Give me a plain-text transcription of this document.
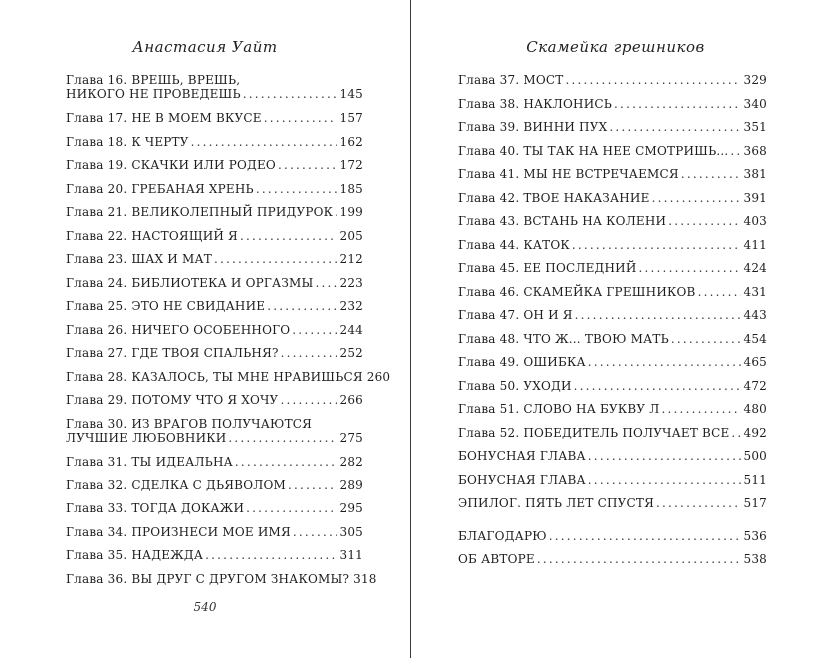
Анастасия Уайт
Глава 16. ВРЕШЬ, ВРЕШЬ,
НИКОГО НЕ ПРОВЕДЕШЬ .....	145
Глава 17. НЕ В МОЕМ ВКУСЕ .....	157
Глава 18. К ЧЕРТУ .....	162
Глава 19. СКАЧКИ ИЛИ РОДЕО .....	172
Глава 20. ГРЕБАНАЯ ХРЕНЬ .....	185
Глава 21. ВЕЛИКОЛЕПНЫЙ ПРИДУРОК ..... 199
Глава 22. НАСТОЯЩИЙ Я .....	205
Глава 23. ШАХ И МАТ .....	212
Глава 24. БИБЛИОТЕКА И ОРГАЗМЫ ..... 223
Глава 25. ЭТО НЕ СВИДАНИЕ .....	232
Глава 26. НИЧЕГО ОСОБЕННОГО .....	244
Глава 27. ГДЕ ТВОЯ СПАЛЬНЯ? .....	252
Глава 28. КАЗАЛОСЬ, ТЫ МНЕ НРАВИШЬСЯ 260
Глава 29. ПОТОМУ ЧТО Я ХОЧУ .....	266
Глава 30. ИЗ ВРАГОВ ПОЛУЧАЮТСЯ
ЛУЧШИЕ ЛЮБОВНИКИ .....	275
Глава 31. ТЫ ИДЕАЛЬНА .....	282
Глава 32. СДЕЛКА С ДЬЯВОЛОМ .....	289
Глава 33. ТОГДА ДОКАЖИ .....	295
Глава 34. ПРОИЗНЕСИ МОЕ ИМЯ .....	305
Глава 35. НАДЕЖДА .....	311
Глава 36. ВЫ ДРУГ С ДРУГОМ ЗНАКОМЫ? 318
540
Скамейка грешников
Глава 37. МОСТ .....	329
Глава 38. НАКЛОНИСЬ .....	340
Глава 39. ВИННИ ПУХ .....	351
Глава 40. ТЫ ТАК НА НЕЕ СМОТРИШЬ... ..... 368
Глава 41. МЫ НЕ ВСТРЕЧАЕМСЯ .....	381
Глава 42. ТВОЕ НАКАЗАНИЕ .....	391
Глава 43. ВСТАНЬ НА КОЛЕНИ .....	403
Глава 44. КАТОК .....	411
Глава 45. ЕЕ ПОСЛЕДНИЙ .....	424
Глава 46. СКАМЕЙКА ГРЕШНИКОВ .....	431
Глава 47. ОН И Я .....	443
Глава 48. ЧТО Ж... ТВОЮ МАТЬ .....	454
Глава 49. ОШИБКА .....	465
Глава 50. УХОДИ .....	472
Глава 51. СЛОВО НА БУКВУ Л .....	480
Глава 52. ПОБЕДИТЕЛЬ ПОЛУЧАЕТ ВСЕ ..... 492
БОНУСНАЯ ГЛАВА .....	500
БОНУСНАЯ ГЛАВА .....	511
ЭПИЛОГ. ПЯТЬ ЛЕТ СПУСТЯ .....	517
БЛАГОДАРЮ .....	536
ОБ АВТОРЕ .....	538
